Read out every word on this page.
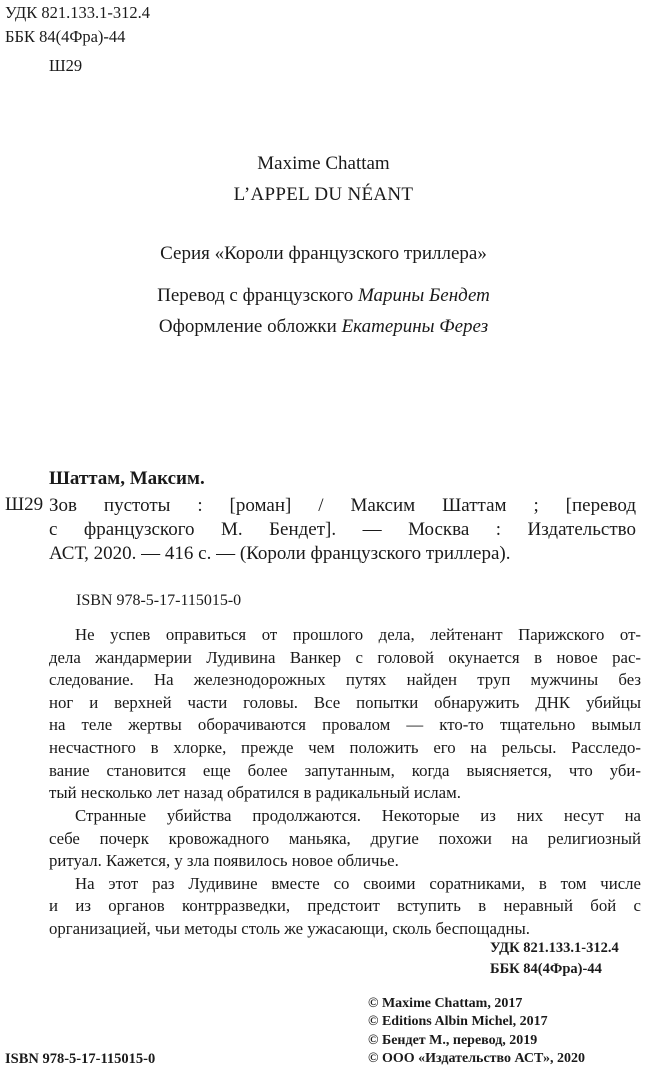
УДК 821.133.1-312.4
ББК 84(4Фра)-44
Ш29
Maxime Chattam
L’APPEL DU NÉANT
Серия «Короли французского триллера»
Перевод с французского Марины Бендет
Оформление обложки Екатерины Ферез
Шаттам, Максим.
Ш29 Зов пустоты : [роман] / Максим Шаттам ; [перевод
с французского М. Бендет]. — Москва : Издательство
АСТ, 2020. — 416 с. — (Короли французского триллера).
ISBN 978-5-17-115015-0
Не успев оправиться от прошлого дела, лейтенант Парижского от-
дела жандармерии Лудивина Ванкер с головой окунается в новое рас-
следование. На железнодорожных путях найден труп мужчины без
ног и верхней части головы. Все попытки обнаружить ДНК убийцы
на теле жертвы оборачиваются провалом — кто-то тщательно вымыл
несчастного в хлорке, прежде чем положить его на рельсы. Расследо-
вание становится еще более запутанным, когда выясняется, что уби-
тый несколько лет назад обратился в радикальный ислам.
Странные убийства продолжаются. Некоторые из них несут на
себе почерк кровожадного маньяка, другие похожи на религиозный
ритуал. Кажется, у зла появилось новое обличье.
На этот раз Лудивине вместе со своими соратниками, в том числе
и из органов контрразведки, предстоит вступить в неравный бой с
организацией, чьи методы столь же ужасающи, сколь беспощадны.
УДК 821.133.1-312.4
ББК 84(4Фра)-44
© Maxime Chattam, 2017
© Editions Albin Michel, 2017
© Бендет М., перевод, 2019
© ООО «Издательство АСТ», 2020
ISBN 978-5-17-115015-0
